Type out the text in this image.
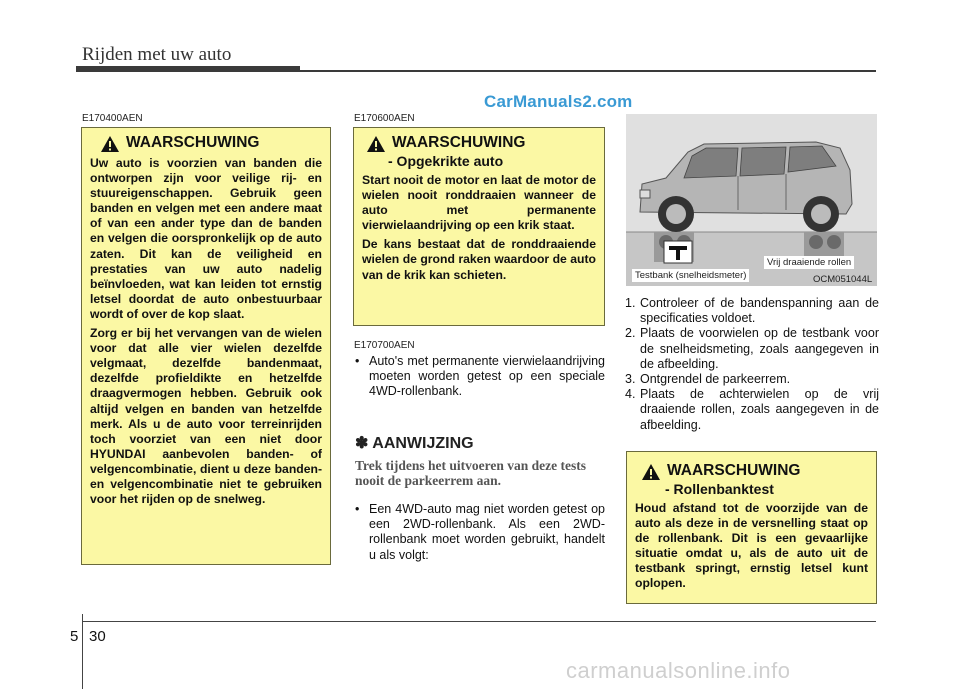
Rijden met uw auto
CarManuals2.com
E170400AEN
WAARSCHUWING

Uw auto is voorzien van banden die ontworpen zijn voor veilige rij- en stuureigenschappen. Gebruik geen banden en velgen met een andere maat of van een ander type dan de banden en velgen die oorspronkelijk op de auto zaten. Dit kan de veiligheid en prestaties van uw auto nadelig beïnvloeden, wat kan leiden tot ernstig letsel doordat de auto onbestuurbaar wordt of over de kop slaat.

Zorg er bij het vervangen van de wielen voor dat alle vier wielen dezelfde velgmaat, dezelfde bandenmaat, dezelfde profieldikte en hetzelfde draagvermogen hebben. Gebruik ook altijd velgen en banden van hetzelfde merk. Als u de auto voor terreinrijden toch voorziet van een niet door HYUNDAI aanbevolen banden- of velgencombinatie, dient u deze banden- en velgencombinatie niet te gebruiken voor het rijden op de snelweg.

E170600AEN
WAARSCHUWING
- Opgekrikte auto

Start nooit de motor en laat de motor de wielen nooit ronddraaien wanneer de auto met permanente vierwielaandrijving op een krik staat.

De kans bestaat dat de ronddraaiende wielen de grond raken waardoor de auto van de krik kan schieten.

E170700AEN
• Auto's met permanente vierwielaandrijving moeten worden getest op een speciale 4WD-rollenbank.
✽ AANWIJZING
Trek tijdens het uitvoeren van deze tests nooit de parkeerrem aan.
• Een 4WD-auto mag niet worden getest op een 2WD-rollenbank. Als een 2WD-rollenbank moet worden gebruikt, handelt u als volgt:
Testbank (snelheidsmeter)
Vrij draaiende rollen
OCM051044L
1. Controleer of de bandenspanning aan de specificaties voldoet.
2. Plaats de voorwielen op de testbank voor de snelheidsmeting, zoals aangegeven in de afbeelding.
3. Ontgrendel de parkeerrem.
4. Plaats de achterwielen op de vrij draaiende rollen, zoals aangegeven in de afbeelding.
WAARSCHUWING
- Rollenbanktest

Houd afstand tot de voorzijde van de auto als deze in de versnelling staat op de rollenbank. Dit is een gevaarlijke situatie omdat u, als de auto uit de testbank springt, ernstig letsel kunt oplopen.

5 30
carmanualsonline.info
